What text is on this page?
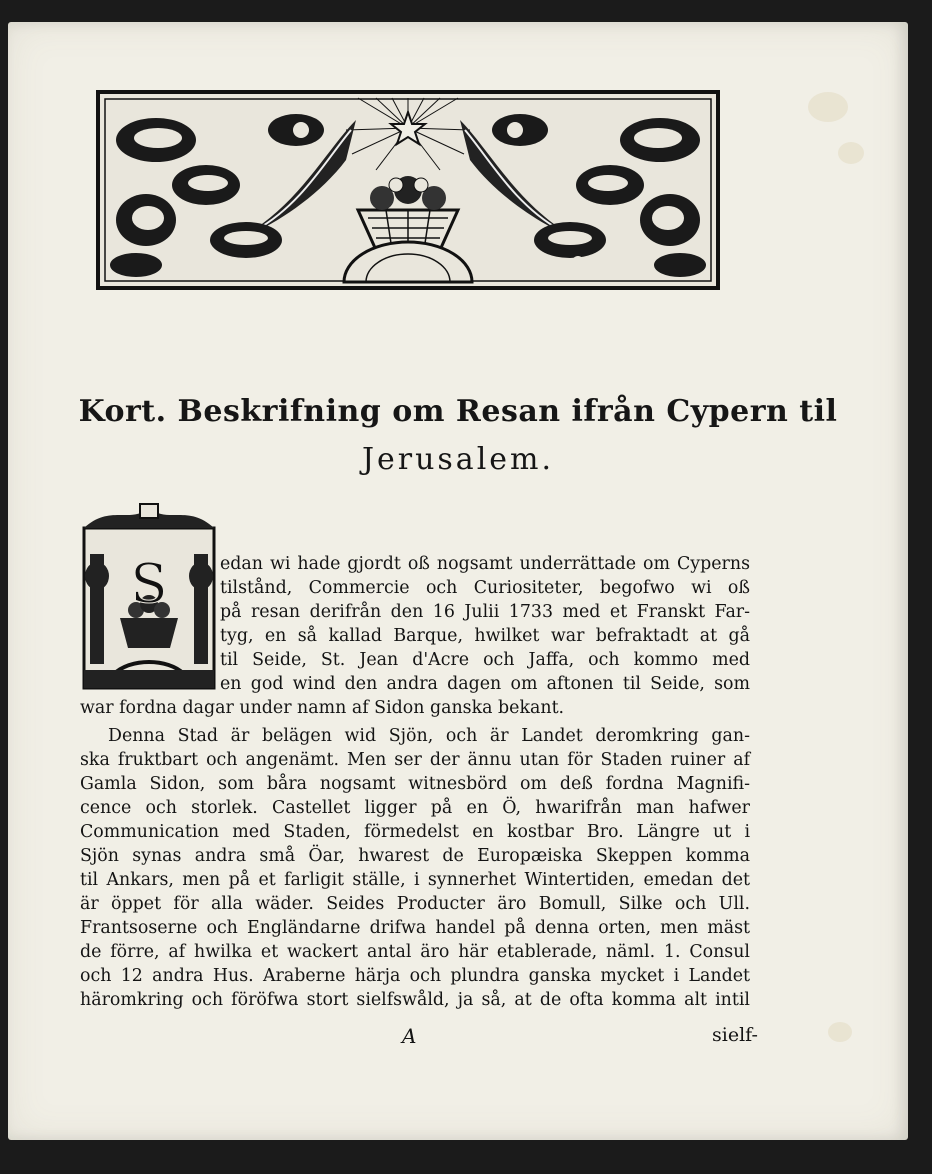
Kort. Beskrifning om Resan ifrån Cypern til

Jerusalem.

S	edan wi hade gjordt oß nogsamt underrättade om Cyperns

tilstånd, Commercie och Curiositeter, begofwo wi oß

på resan derifrån den 16 Julii 1733 med et Franskt Far-

tyg, en så kallad Barque, hwilket war befraktadt at gå

til Seide, St. Jean d'Acre och Jaffa, och kommo med

en god wind den andra dagen om aftonen til Seide, som

war fordna dagar under namn af Sidon ganska bekant.

Denna Stad är belägen wid Sjön, och är Landet deromkring gan-

ska fruktbart och angenämt. Men ser der ännu utan för Staden ruiner af

Gamla Sidon, som båra nogsamt witnesbörd om deß fordna Magnifi-

cence och storlek. Castellet ligger på en Ö, hwarifrån man hafwer

Communication med Staden, förmedelst en kostbar Bro. Längre ut i

Sjön synas andra små Öar, hwarest de Europæiska Skeppen komma

til Ankars, men på et farligit ställe, i synnerhet Wintertiden, emedan det

är öppet för alla wäder. Seides Producter äro Bomull, Silke och Ull.

Frantsoserne och Engländarne drifwa handel på denna orten, men mäst

de förre, af hwilka et wackert antal äro här etablerade, näml. 1. Consul

och 12 andra Hus. Araberne härja och plundra ganska mycket i Landet

häromkring och föröfwa stort sielfswåld, ja så, at de ofta komma alt intil

A	sielf-
